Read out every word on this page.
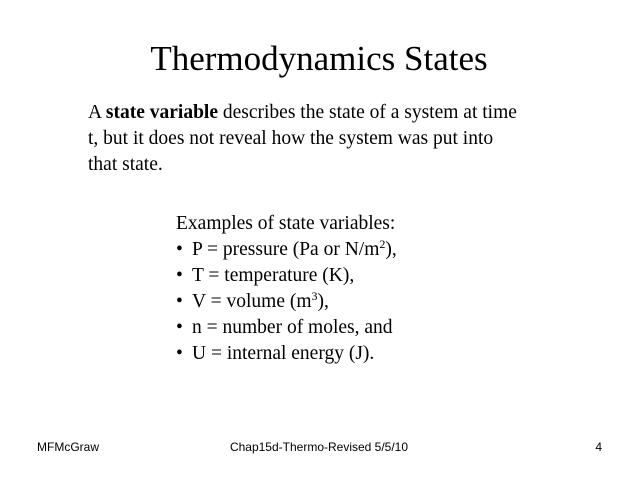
Thermodynamics States
A state variable describes the state of a system at time
t, but it does not reveal how the system was put into
that state.
Examples of state variables:
• P = pressure (Pa or $N/m^2$),
• T = temperature (K),
• V = volume $(m^3)$,
• n = number of moles, and
• U = internal energy (J).
MFMcGraw	Chap15d-Thermo-Revised 5/5/10	4
